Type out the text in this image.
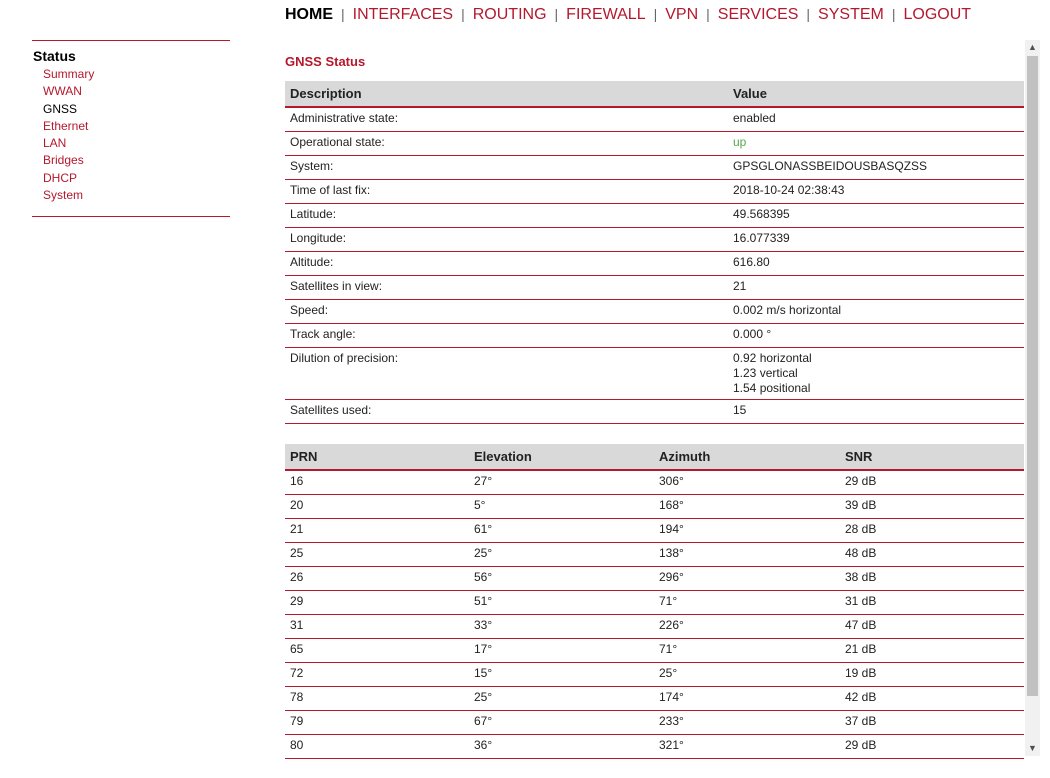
HOME | INTERFACES | ROUTING | FIREWALL | VPN | SERVICES | SYSTEM | LOGOUT
Status
Summary
WWAN
GNSS
Ethernet
LAN
Bridges
DHCP
System
GNSS Status
Description	Value
Administrative state:	enabled
Operational state:	up
System:	GPSGLONASSBEIDOUSBASQZSS
Time of last fix:	2018-10-24 02:38:43
Latitude:	49.568395
Longitude:	16.077339
Altitude:	616.80
Satellites in view:	21
Speed:	0.002 m/s horizontal
Track angle:	0.000 °
Dilution of precision:	0.92 horizontal
1.23 vertical
1.54 positional

Satellites used:	15
PRN	Elevation	Azimuth	SNR
16	27°	306°	29 dB
20	5°	168°	39 dB
21	61°	194°	28 dB
25	25°	138°	48 dB
26	56°	296°	38 dB
29	51°	71°	31 dB
31	33°	226°	47 dB
65	17°	71°	21 dB
72	15°	25°	19 dB
78	25°	174°	42 dB
79	67°	233°	37 dB
80	36°	321°	29 dB
▲
▼
